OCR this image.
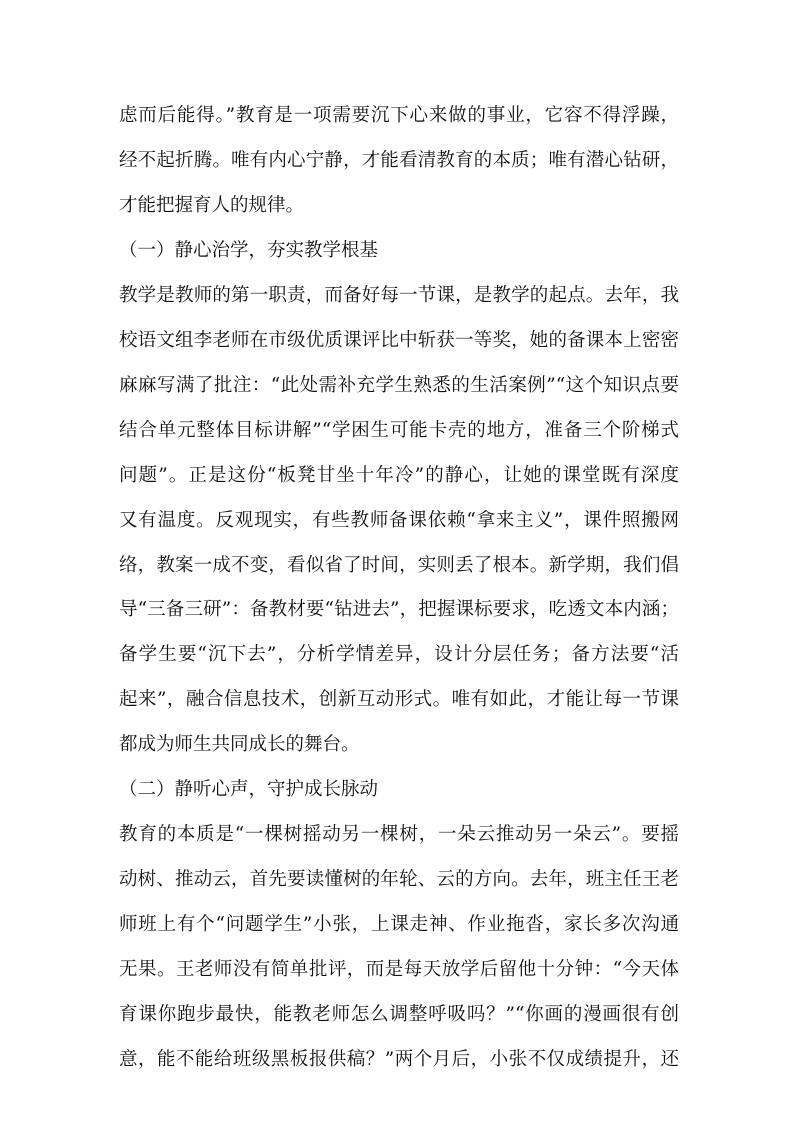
虑而后能得。”教育是一项需要沉下心来做的事业，它容不得浮躁，
经不起折腾。唯有内心宁静，才能看清教育的本质；唯有潜心钻研，
才能把握育人的规律。
（一）静心治学，夯实教学根基
教学是教师的第一职责，而备好每一节课，是教学的起点。去年，我
校语文组李老师在市级优质课评比中斩获一等奖，她的备课本上密密
麻麻写满了批注：“此处需补充学生熟悉的生活案例”“这个知识点要
结合单元整体目标讲解”“学困生可能卡壳的地方，准备三个阶梯式
问题”。正是这份“板凳甘坐十年冷”的静心，让她的课堂既有深度
又有温度。反观现实，有些教师备课依赖“拿来主义”，课件照搬网
络，教案一成不变，看似省了时间，实则丢了根本。新学期，我们倡
导“三备三研”：备教材要“钻进去”，把握课标要求，吃透文本内涵；
备学生要“沉下去”，分析学情差异，设计分层任务；备方法要“活
起来”，融合信息技术，创新互动形式。唯有如此，才能让每一节课
都成为师生共同成长的舞台。
（二）静听心声，守护成长脉动
教育的本质是“一棵树摇动另一棵树，一朵云推动另一朵云”。要摇
动树、推动云，首先要读懂树的年轮、云的方向。去年，班主任王老
师班上有个“问题学生”小张，上课走神、作业拖沓，家长多次沟通
无果。王老师没有简单批评，而是每天放学后留他十分钟：“今天体
育课你跑步最快，能教老师怎么调整呼吸吗？”“你画的漫画很有创
意，能不能给班级黑板报供稿？”两个月后，小张不仅成绩提升，还
